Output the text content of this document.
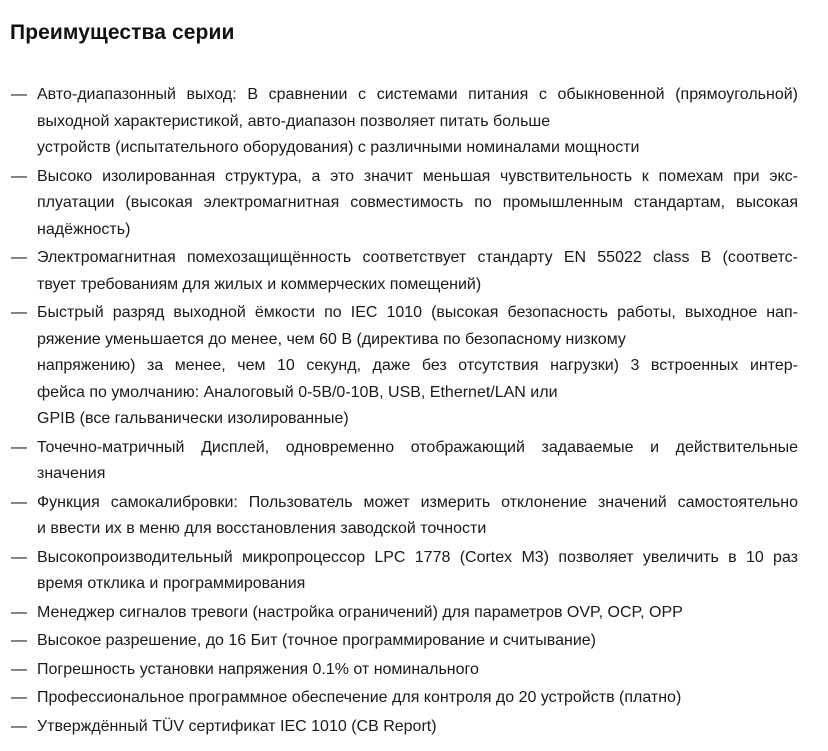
Преимущества серии
— Авто-диапазонный выход: В сравнении с системами питания с обыкновенной (прямоугольной)
выходной характеристикой, авто-диапазон позволяет питать больше
устройств (испытательного оборудования) с различными номиналами мощности
— Высоко изолированная структура, а это значит меньшая чувствительность к помехам при экс-
плуатации (высокая электромагнитная совместимость по промышленным стандартам, высокая
надёжность)
— Электромагнитная помехозащищённость соответствует стандарту EN 55022 class B (соответс-
твует требованиям для жилых и коммерческих помещений)
— Быстрый разряд выходной ёмкости по IEC 1010 (высокая безопасность работы, выходное нап-
ряжение уменьшается до менее, чем 60 В (директива по безопасному низкому
напряжению) за менее, чем 10 секунд, даже без отсутствия нагрузки) 3 встроенных интер-
фейса по умолчанию: Аналоговый 0-5В/0-10В, USB, Ethernet/LAN или
GPIB (все гальванически изолированные)
— Точечно-матричный Дисплей, одновременно отображающий задаваемые и действительные
значения
— Функция самокалибровки: Пользователь может измерить отклонение значений самостоятельно
и ввести их в меню для восстановления заводской точности
— Высокопроизводительный микропроцессор LPC 1778 (Cortex M3) позволяет увеличить в 10 раз
время отклика и программирования
— Менеджер сигналов тревоги (настройка ограничений) для параметров OVP, OCP, OPP
— Высокое разрешение, до 16 Бит (точное программирование и считывание)
— Погрешность установки напряжения 0.1% от номинального
— Профессиональное программное обеспечение для контроля до 20 устройств (платно)
— Утверждённый TÜV сертификат IEC 1010 (CB Report)
